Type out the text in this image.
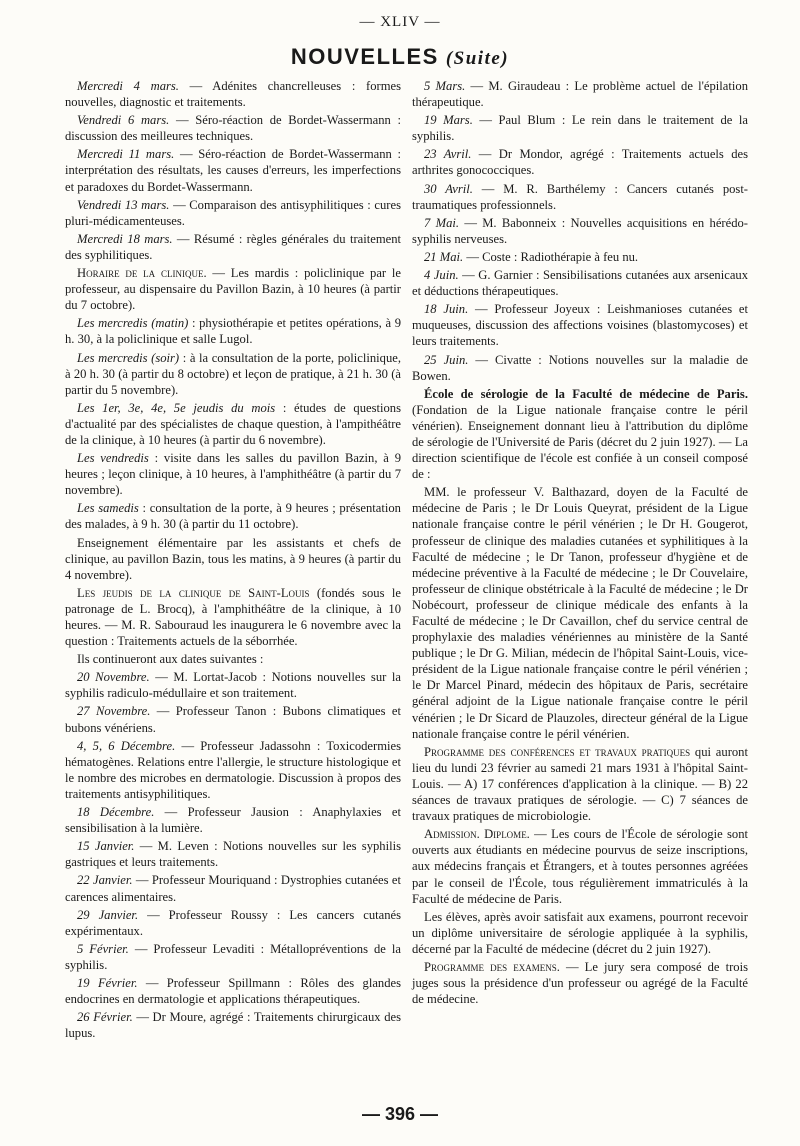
— XLIV —
NOUVELLES (Suite)

Mercredi 4 mars. — Adénites chancrelleuses : formes nouvelles, diagnostic et traitements.

Vendredi 6 mars. — Séro-réaction de Bordet-Wassermann : discussion des meilleures techniques.

Mercredi 11 mars. — Séro-réaction de Bordet-Wassermann : interprétation des résultats, les causes d'erreurs, les imperfections et paradoxes du Bordet-Wassermann.

Vendredi 13 mars. — Comparaison des antisyphilitiques : cures pluri-médicamenteuses.

Mercredi 18 mars. — Résumé : règles générales du traitement des syphilitiques.

Horaire de la clinique. — Les mardis : policlinique par le professeur, au dispensaire du Pavillon Bazin, à 10 heures (à partir du 7 octobre).

Les mercredis (matin) : physiothérapie et petites opérations, à 9 h. 30, à la policlinique et salle Lugol.

Les mercredis (soir) : à la consultation de la porte, policlinique, à 20 h. 30 (à partir du 8 octobre) et leçon de pratique, à 21 h. 30 (à partir du 5 novembre).

Les 1er, 3e, 4e, 5e jeudis du mois : études de questions d'actualité par des spécialistes de chaque question, à l'ampithéâtre de la clinique, à 10 heures (à partir du 6 novembre).

Les vendredis : visite dans les salles du pavillon Bazin, à 9 heures ; leçon clinique, à 10 heures, à l'amphithéâtre (à partir du 7 novembre).

Les samedis : consultation de la porte, à 9 heures ; présentation des malades, à 9 h. 30 (à partir du 11 octobre).

Enseignement élémentaire par les assistants et chefs de clinique, au pavillon Bazin, tous les matins, à 9 heures (à partir du 4 novembre).

Les jeudis de la clinique de Saint-Louis (fondés sous le patronage de L. Brocq), à l'amphithéâtre de la clinique, à 10 heures. — M. R. Sabouraud les inaugurera le 6 novembre avec la question : Traitements actuels de la séborrhée.

Ils continueront aux dates suivantes :

20 Novembre. — M. Lortat-Jacob : Notions nouvelles sur la syphilis radiculo-médullaire et son traitement.

27 Novembre. — Professeur Tanon : Bubons climatiques et bubons vénériens.

4, 5, 6 Décembre. — Professeur Jadassohn : Toxicodermies hématogènes. Relations entre l'allergie, le structure histologique et le nombre des microbes en dermatologie. Discussion à propos des traitements antisyphilitiques.

18 Décembre. — Professeur Jausion : Anaphylaxies et sensibilisation à la lumière.

15 Janvier. — M. Leven : Notions nouvelles sur les syphilis gastriques et leurs traitements.

22 Janvier. — Professeur Mouriquand : Dystrophies cutanées et carences alimentaires.

29 Janvier. — Professeur Roussy : Les cancers cutanés expérimentaux.

5 Février. — Professeur Levaditi : Métallopréventions de la syphilis.

19 Février. — Professeur Spillmann : Rôles des glandes endocrines en dermatologie et applications thérapeutiques.

26 Février. — Dr Moure, agrégé : Traitements chirurgicaux des lupus.

5 Mars. — M. Giraudeau : Le problème actuel de l'épilation thérapeutique.

19 Mars. — Paul Blum : Le rein dans le traitement de la syphilis.

23 Avril. — Dr Mondor, agrégé : Traitements actuels des arthrites gonococciques.

30 Avril. — M. R. Barthélemy : Cancers cutanés post-traumatiques professionnels.

7 Mai. — M. Babonneix : Nouvelles acquisitions en hérédo-syphilis nerveuses.

21 Mai. — Coste : Radiothérapie à feu nu.

4 Juin. — G. Garnier : Sensibilisations cutanées aux arsenicaux et déductions thérapeutiques.

18 Juin. — Professeur Joyeux : Leishmanioses cutanées et muqueuses, discussion des affections voisines (blastomycoses) et leurs traitements.

25 Juin. — Civatte : Notions nouvelles sur la maladie de Bowen.

École de sérologie de la Faculté de médecine de Paris. (Fondation de la Ligue nationale française contre le péril vénérien). Enseignement donnant lieu à l'attribution du diplôme de sérologie de l'Université de Paris (décret du 2 juin 1927). — La direction scientifique de l'école est confiée à un conseil composé de :

MM. le professeur V. Balthazard, doyen de la Faculté de médecine de Paris ; le Dr Louis Queyrat, président de la Ligue nationale française contre le péril vénérien ; le Dr H. Gougerot, professeur de clinique des maladies cutanées et syphilitiques à la Faculté de médecine ; le Dr Tanon, professeur d'hygiène et de médecine préventive à la Faculté de médecine ; le Dr Couvelaire, professeur de clinique obstétricale à la Faculté de médecine ; le Dr Nobécourt, professeur de clinique médicale des enfants à la Faculté de médecine ; le Dr Cavaillon, chef du service central de prophylaxie des maladies vénériennes au ministère de la Santé publique ; le Dr G. Milian, médecin de l'hôpital Saint-Louis, vice-président de la Ligue nationale française contre le péril vénérien ; le Dr Marcel Pinard, médecin des hôpitaux de Paris, secrétaire général adjoint de la Ligue nationale française contre le péril vénérien ; le Dr Sicard de Plauzoles, directeur général de la Ligue nationale française contre le péril vénérien.

Programme des conférences et travaux pratiques qui auront lieu du lundi 23 février au samedi 21 mars 1931 à l'hôpital Saint-Louis. — A) 17 conférences d'application à la clinique. — B) 22 séances de travaux pratiques de sérologie. — C) 7 séances de travaux pratiques de microbiologie.

Admission. Diplome. — Les cours de l'École de sérologie sont ouverts aux étudiants en médecine pourvus de seize inscriptions, aux médecins français et Étrangers, et à toutes personnes agréées par le conseil de l'École, tous régulièrement immatriculés à la Faculté de médecine de Paris.

Les élèves, après avoir satisfait aux examens, pourront recevoir un diplôme universitaire de sérologie appliquée à la syphilis, décerné par la Faculté de médecine (décret du 2 juin 1927).

Programme des examens. — Le jury sera composé de trois juges sous la présidence d'un professeur ou agrégé de la Faculté de médecine.

— 396 —
